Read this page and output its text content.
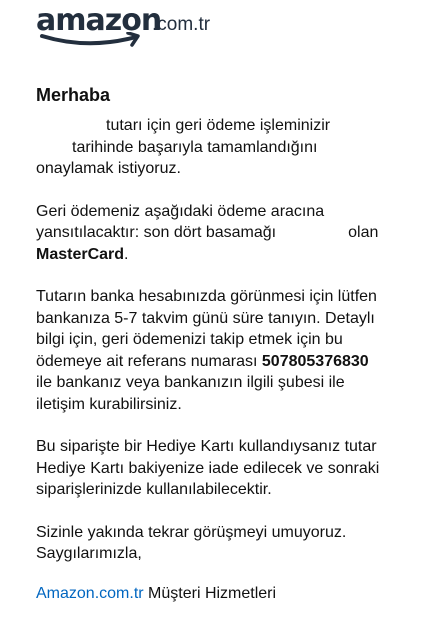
amazon
.com.tr
Merhaba

tutarı için geri ödeme işleminizir
tarihinde başarıyla tamamlandığını
onaylamak istiyoruz.

Geri ödemeniz aşağıdaki ödeme aracına
yansıtılacaktır: son dört basamağı	olan
MasterCard.

Tutarın banka hesabınızda görünmesi için lütfen
bankanıza 5-7 takvim günü süre tanıyın. Detaylı
bilgi için, geri ödemenizi takip etmek için bu
ödemeye ait referans numarası 507805376830
ile bankanız veya bankanızın ilgili şubesi ile
iletişim kurabilirsiniz.

Bu siparişte bir Hediye Kartı kullandıysanız tutar
Hediye Kartı bakiyenize iade edilecek ve sonraki
siparişlerinizde kullanılabilecektir.

Sizinle yakında tekrar görüşmeyi umuyoruz.
Saygılarımızla,

Amazon.com.tr Müşteri Hizmetleri
